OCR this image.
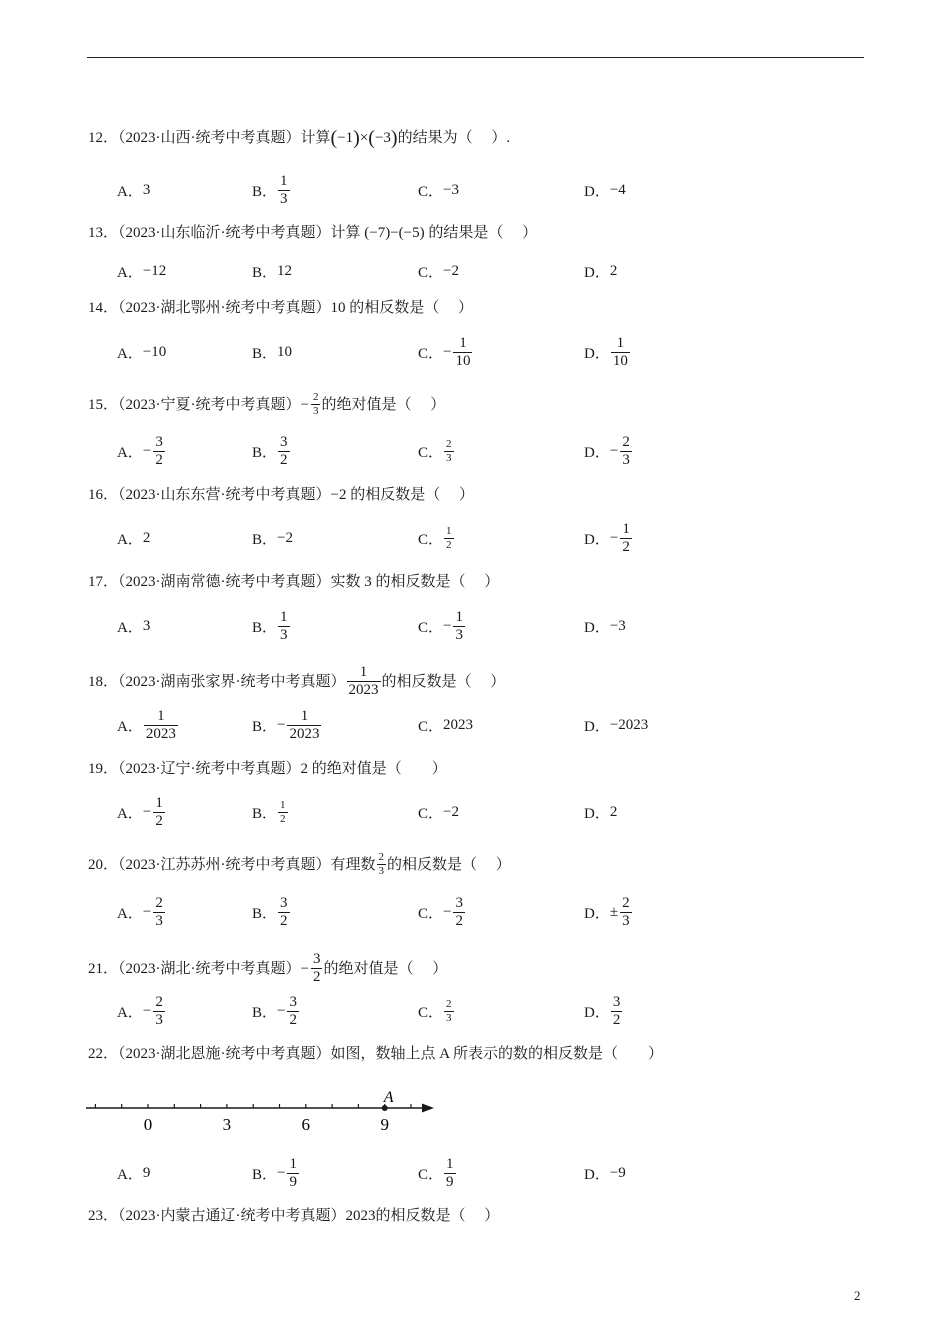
12．（2023·山西·统考中考真题）计算 ( −1 ) × ( −3 ) 的结果为（　 ）.
A． 3	B． $\frac{1}{3}$	C． −3	D． −4
13．（2023·山东临沂·统考中考真题）计算 (−7)−(−5) 的结果是（　 ）
A． −12	B． 12	C． −2	D． 2
14．（2023·湖北鄂州·统考中考真题）10 的相反数是（　 ）
A． −10	B． 10	C． − $\frac{1}{10}$	D． $\frac{1}{10}$
15．（2023·宁夏·统考中考真题） − $\frac{2}{3}$ 的绝对值是（　 ）
A． − $\frac{3}{2}$	B． $\frac{3}{2}$	C． $\frac{2}{3}$	D． − $\frac{2}{3}$
16．（2023·山东东营·统考中考真题）−2 的相反数是（　 ）
A． 2	B． −2	C． $\frac{1}{2}$	D． − $\frac{1}{2}$
17．（2023·湖南常德·统考中考真题）实数 3 的相反数是（　 ）
A． 3	B． $\frac{1}{3}$	C． − $\frac{1}{3}$	D． −3
18．（2023·湖南张家界·统考中考真题） $\frac{1}{2023}$ 的相反数是（　 ）
A． $\frac{1}{2023}$	B． − $\frac{1}{2023}$	C． 2023	D． −2023
19．（2023·辽宁·统考中考真题）2 的绝对值是（　　）
A． − $\frac{1}{2}$	B． $\frac{1}{2}$	C． −2	D． 2
20．（2023·江苏苏州·统考中考真题）有理数 $\frac{2}{3}$ 的相反数是（　 ）
A． − $\frac{2}{3}$	B． $\frac{3}{2}$	C． − $\frac{3}{2}$	D． ± $\frac{2}{3}$
21．（2023·湖北·统考中考真题） − $\frac{3}{2}$ 的绝对值是（　 ）
A． − $\frac{2}{3}$	B． − $\frac{3}{2}$	C． $\frac{2}{3}$	D． $\frac{3}{2}$
22．（2023·湖北恩施·统考中考真题）如图，数轴上点 A 所表示的数的相反数是（　　）
0	3	6	9
A
A． 9	B． − $\frac{1}{9}$	C． $\frac{1}{9}$	D． −9
23．（2023·内蒙古通辽·统考中考真题）2023的相反数是（　 ）
2
